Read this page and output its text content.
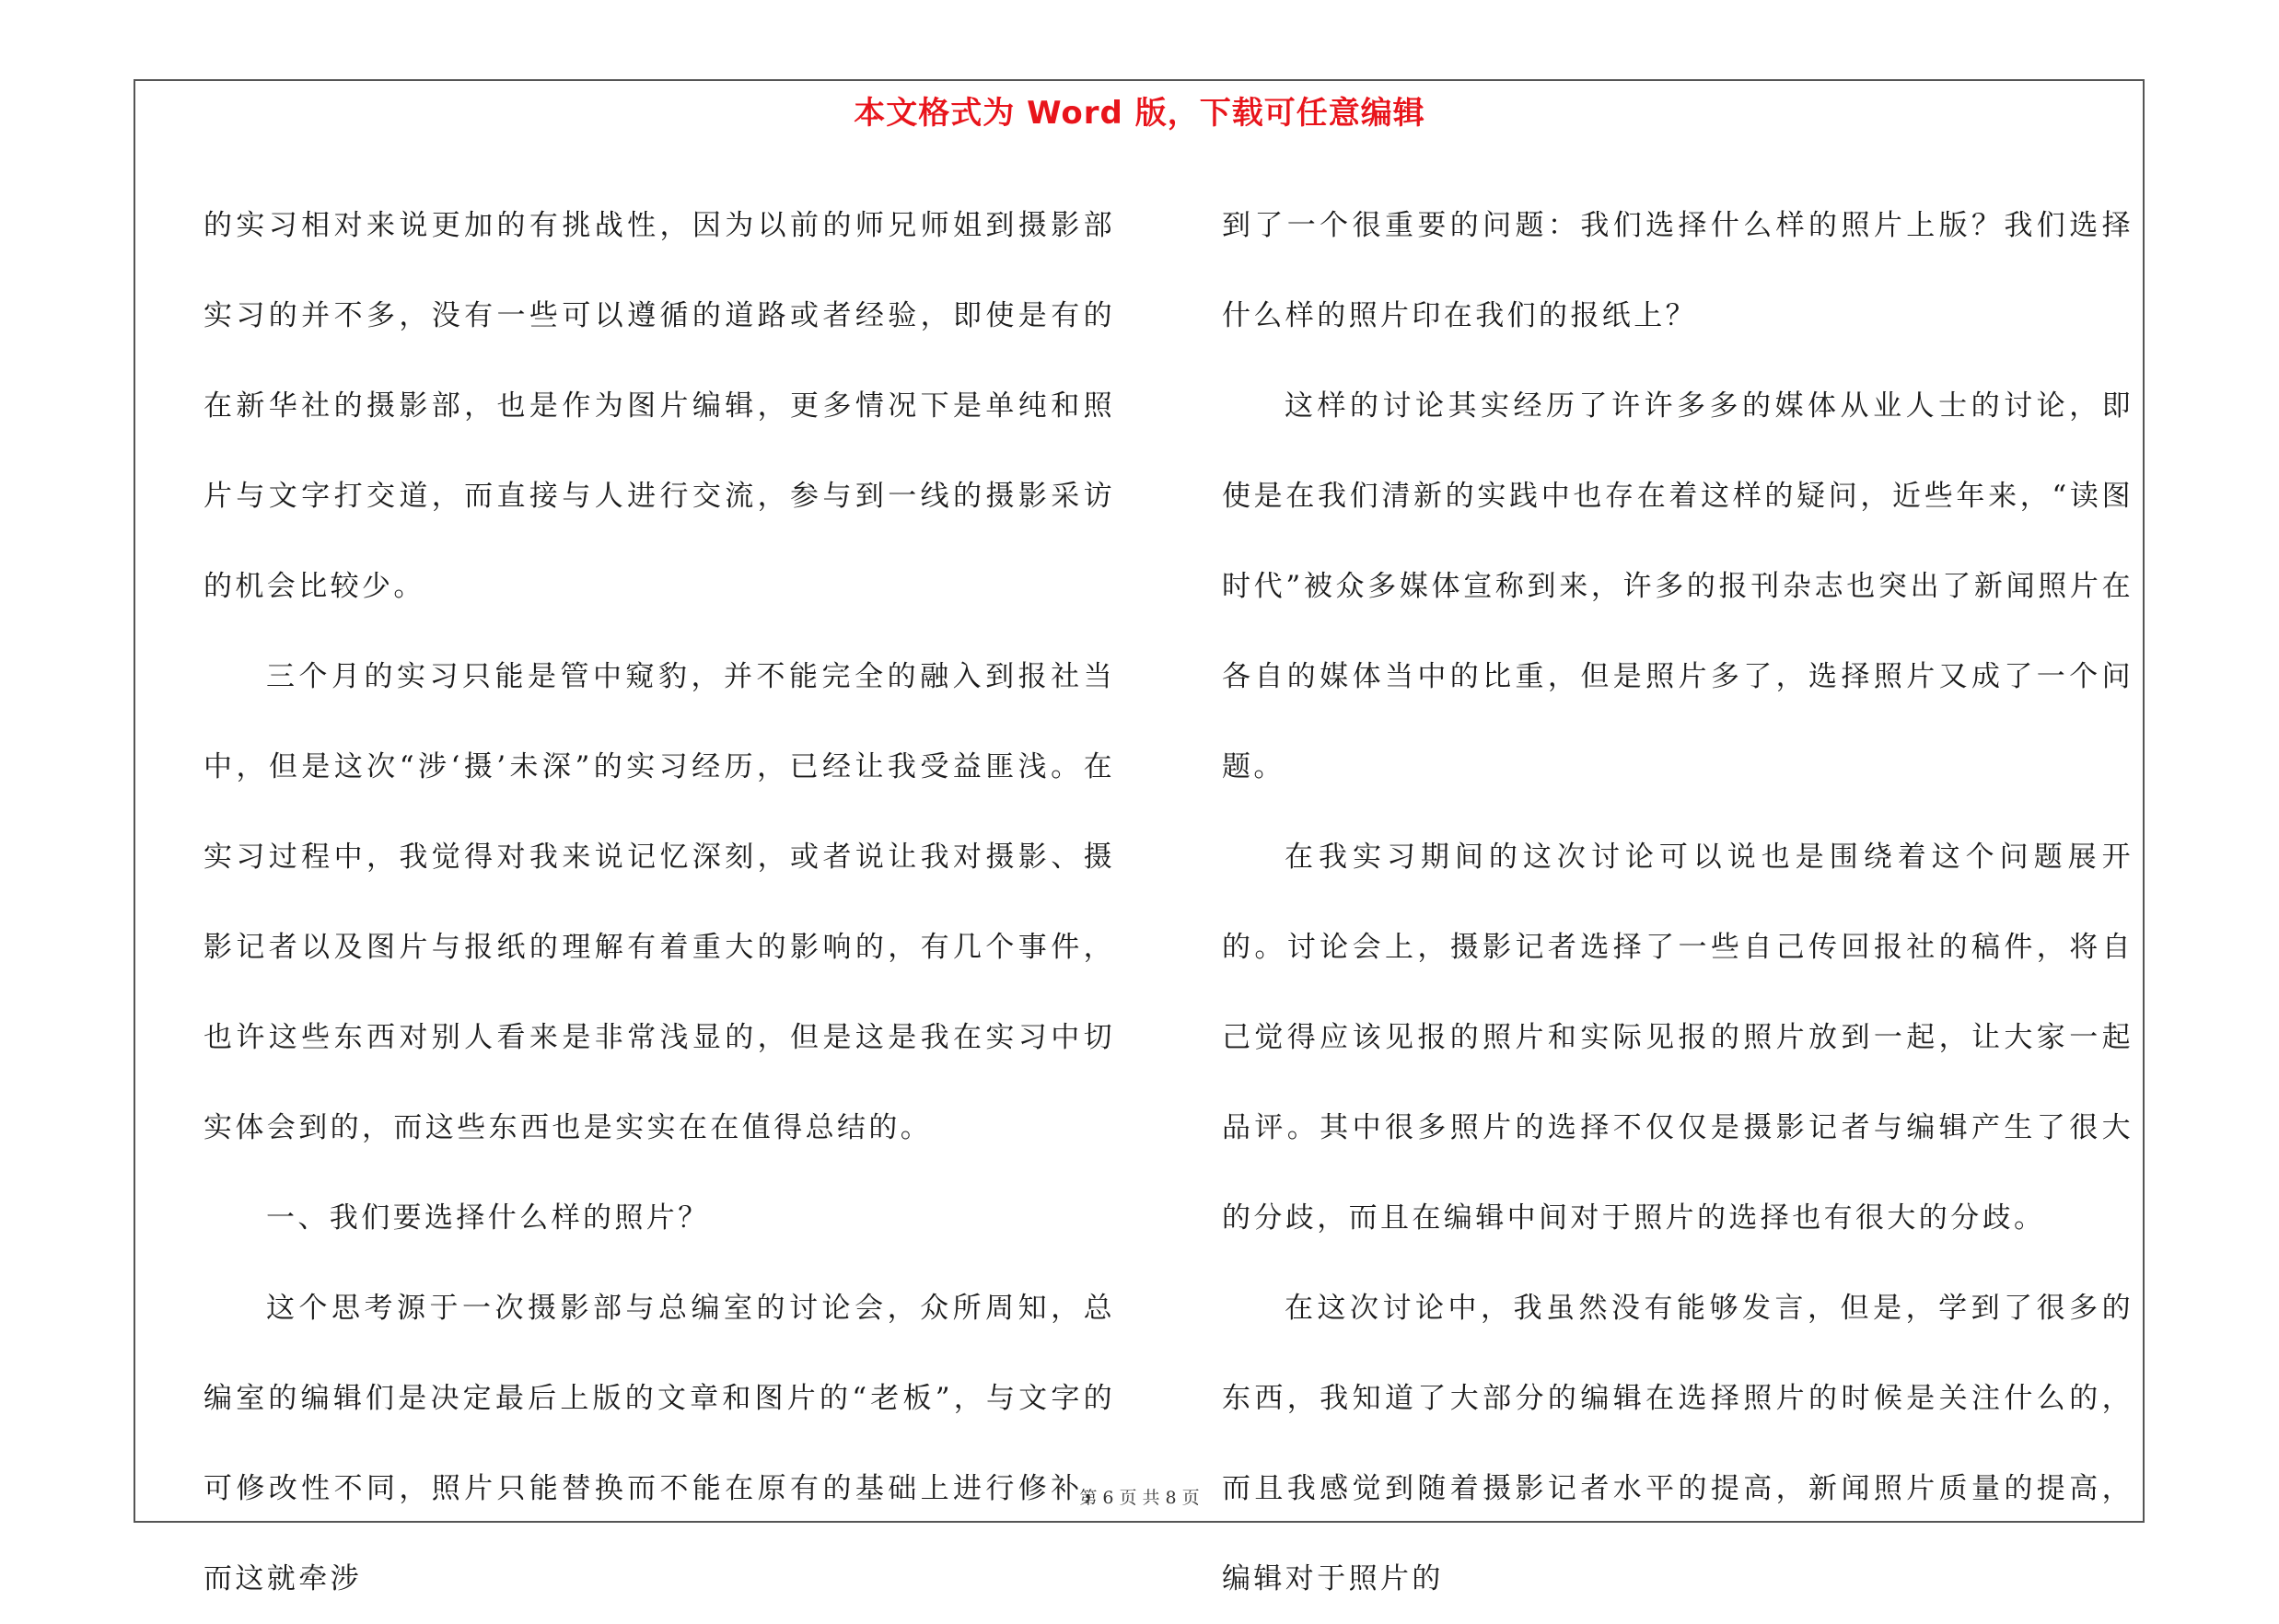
本文格式为 Word 版，下载可任意编辑

的实习相对来说更加的有挑战性，因为以前的师兄师姐到摄影部实习的并不多，没有一些可以遵循的道路或者经验，即使是有的在新华社的摄影部，也是作为图片编辑，更多情况下是单纯和照片与文字打交道，而直接与人进行交流，参与到一线的摄影采访的机会比较少。

三个月的实习只能是管中窥豹，并不能完全的融入到报社当中，但是这次“涉‘摄’未深”的实习经历，已经让我受益匪浅。在实习过程中，我觉得对我来说记忆深刻，或者说让我对摄影、摄影记者以及图片与报纸的理解有着重大的影响的，有几个事件，也许这些东西对别人看来是非常浅显的，但是这是我在实习中切实体会到的，而这些东西也是实实在在值得总结的。

一、我们要选择什么样的照片？

这个思考源于一次摄影部与总编室的讨论会，众所周知，总编室的编辑们是决定最后上版的文章和图片的“老板”，与文字的可修改性不同，照片只能替换而不能在原有的基础上进行修补，而这就牵涉

到了一个很重要的问题：我们选择什么样的照片上版？我们选择什么样的照片印在我们的报纸上？

这样的讨论其实经历了许许多多的媒体从业人士的讨论，即使是在我们清新的实践中也存在着这样的疑问，近些年来，“读图时代”被众多媒体宣称到来，许多的报刊杂志也突出了新闻照片在各自的媒体当中的比重，但是照片多了，选择照片又成了一个问题。

在我实习期间的这次讨论可以说也是围绕着这个问题展开的。讨论会上，摄影记者选择了一些自己传回报社的稿件，将自己觉得应该见报的照片和实际见报的照片放到一起，让大家一起品评。其中很多照片的选择不仅仅是摄影记者与编辑产生了很大的分歧，而且在编辑中间对于照片的选择也有很大的分歧。

在这次讨论中，我虽然没有能够发言，但是，学到了很多的东西，我知道了大部分的编辑在选择照片的时候是关注什么的，而且我感觉到随着摄影记者水平的提高，新闻照片质量的提高，编辑对于照片的

第 6 页 共 8 页
